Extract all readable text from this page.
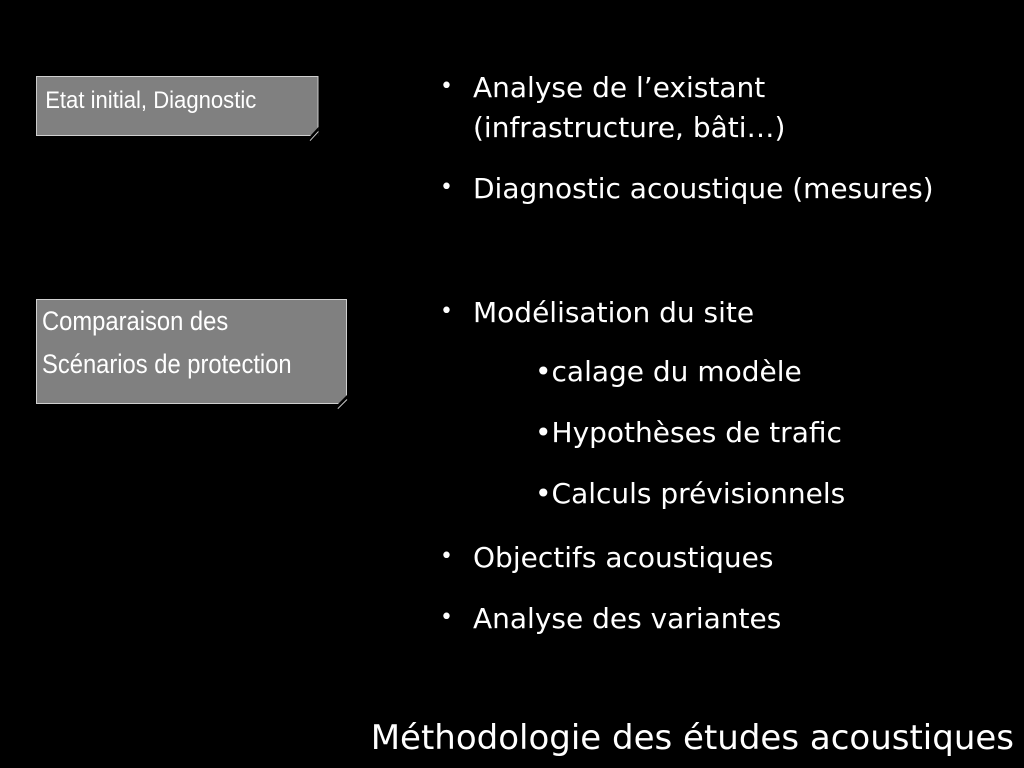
Etat initial, Diagnostic
Comparaison des
Scénarios de protection
• Analyse de l’existant
(infrastructure, bâti…)
• Diagnostic acoustique (mesures)
• Modélisation du site
• Objectifs acoustiques
• Analyse des variantes
•calage du modèle
•Hypothèses de trafic
•Calculs prévisionnels
Méthodologie des études acoustiques
